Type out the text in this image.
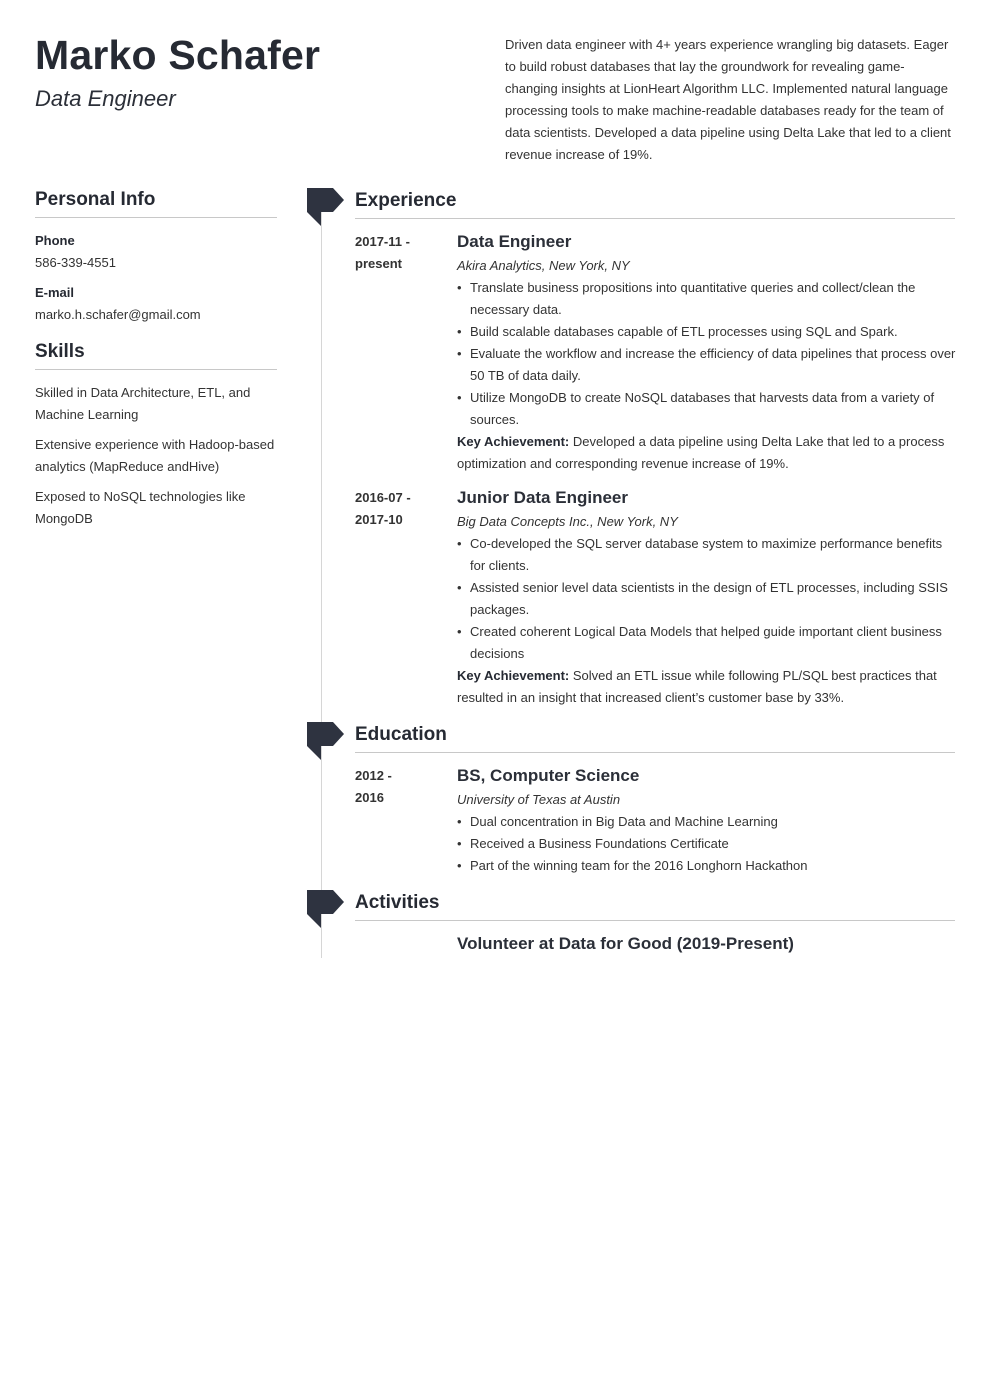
Marko Schafer
Data Engineer
Driven data engineer with 4+ years experience wrangling big datasets. Eager to build robust databases that lay the groundwork for revealing game-changing insights at LionHeart Algorithm LLC. Implemented natural language processing tools to make machine-readable databases ready for the team of data scientists. Developed a data pipeline using Delta Lake that led to a client revenue increase of 19%.
Personal Info
Phone
586-339-4551
E-mail
marko.h.schafer@gmail.com
Skills
Skilled in Data Architecture, ETL, and Machine Learning
Extensive experience with Hadoop-based analytics (MapReduce andHive)
Exposed to NoSQL technologies like MongoDB
Experience
2017-11 -
present
Data Engineer
Akira Analytics, New York, NY
• Translate business propositions into quantitative queries and collect/clean the necessary data.
• Build scalable databases capable of ETL processes using SQL and Spark.
• Evaluate the workflow and increase the efficiency of data pipelines that process over 50 TB of data daily.
• Utilize MongoDB to create NoSQL databases that harvests data from a variety of sources.
Key Achievement: Developed a data pipeline using Delta Lake that led to a process optimization and corresponding revenue increase of 19%.
2016-07 -
2017-10
Junior Data Engineer
Big Data Concepts Inc., New York, NY
• Co-developed the SQL server database system to maximize performance benefits for clients.
• Assisted senior level data scientists in the design of ETL processes, including SSIS packages.
• Created coherent Logical Data Models that helped guide important client business decisions
Key Achievement: Solved an ETL issue while following PL/SQL best practices that resulted in an insight that increased client’s customer base by 33%.
Education
2012 -
2016
BS, Computer Science
University of Texas at Austin
• Dual concentration in Big Data and Machine Learning
• Received a Business Foundations Certificate
• Part of the winning team for the 2016 Longhorn Hackathon
Activities
Volunteer at Data for Good (2019-Present)
